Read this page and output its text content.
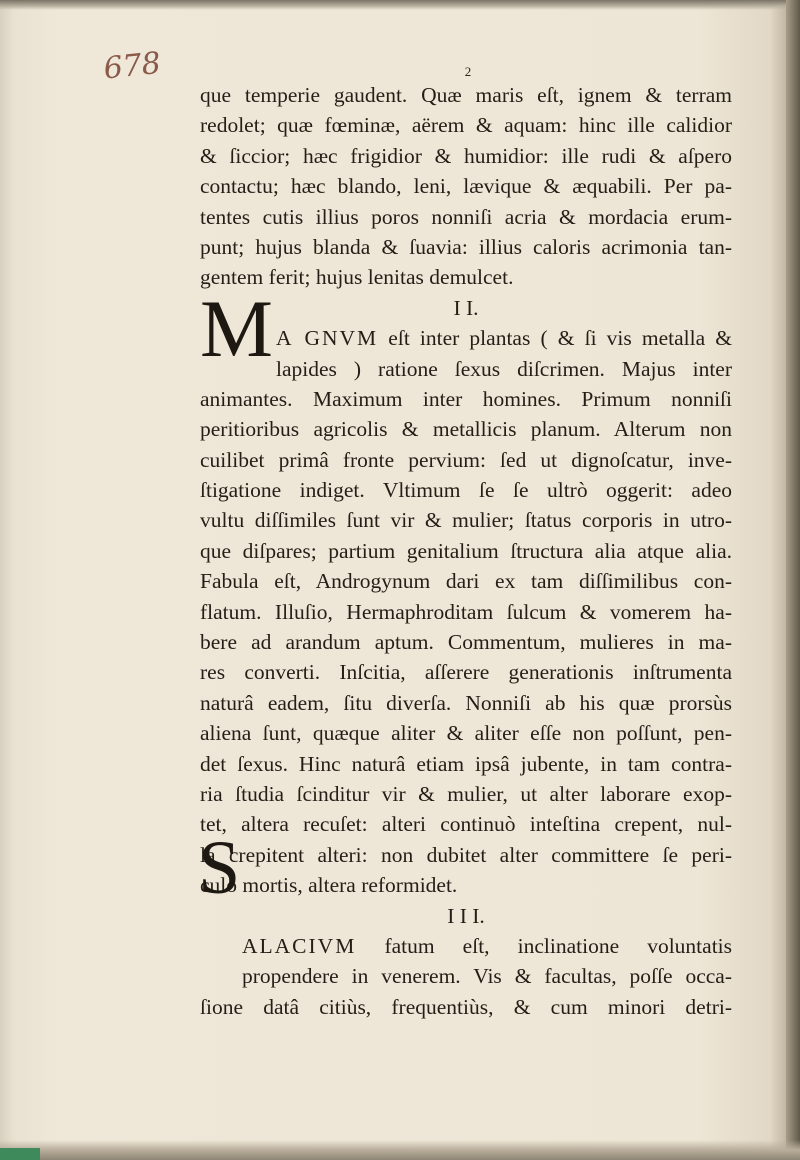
678	2
que temperie gaudent. Quæ maris eſt, ignem & terram
redolet; quæ fœminæ, aërem & aquam: hinc ille calidior
& ſiccior; hæc frigidior & humidior: ille rudi & aſpero
contactu; hæc blando, leni, lævique & æquabili. Per pa-
tentes cutis illius poros nonniſi acria & mordacia erum-
punt; hujus blanda & ſuavia: illius caloris acrimonia tan-
gentem ferit; hujus lenitas demulcet.
I I.
A GNVM eſt inter plantas ( & ſi vis metalla &
lapides ) ratione ſexus diſcrimen. Majus inter
animantes. Maximum inter homines. Primum nonniſi
peritioribus agricolis & metallicis planum. Alterum non
cuilibet primâ fronte pervium: ſed ut dignoſcatur, inve-
ſtigatione indiget. Vltimum ſe ſe ultrò oggerit: adeo
vultu diſſimiles ſunt vir & mulier; ſtatus corporis in utro-
que diſpares; partium genitalium ſtructura alia atque alia.
Fabula eſt, Androgynum dari ex tam diſſimilibus con-
flatum. Illuſio, Hermaphroditam ſulcum & vomerem ha-
bere ad arandum aptum. Commentum, mulieres in ma-
res converti. Inſcitia, aſſerere generationis inſtrumenta
naturâ eadem, ſitu diverſa. Nonniſi ab his quæ prorsùs
aliena ſunt, quæque aliter & aliter eſſe non poſſunt, pen-
det ſexus. Hinc naturâ etiam ipsâ jubente, in tam contra-
ria ſtudia ſcinditur vir & mulier, ut alter laborare exop-
tet, altera recuſet: alteri continuò inteſtina crepent, nul-
la crepitent alteri: non dubitet alter committere ſe peri-
culo mortis, altera reformidet.
I I I.
ALACIVM fatum eſt, inclinatione voluntatis
propendere in venerem. Vis & facultas, poſſe occa-
ſione datâ citiùs, frequentiùs, & cum minori detri-
M
S
